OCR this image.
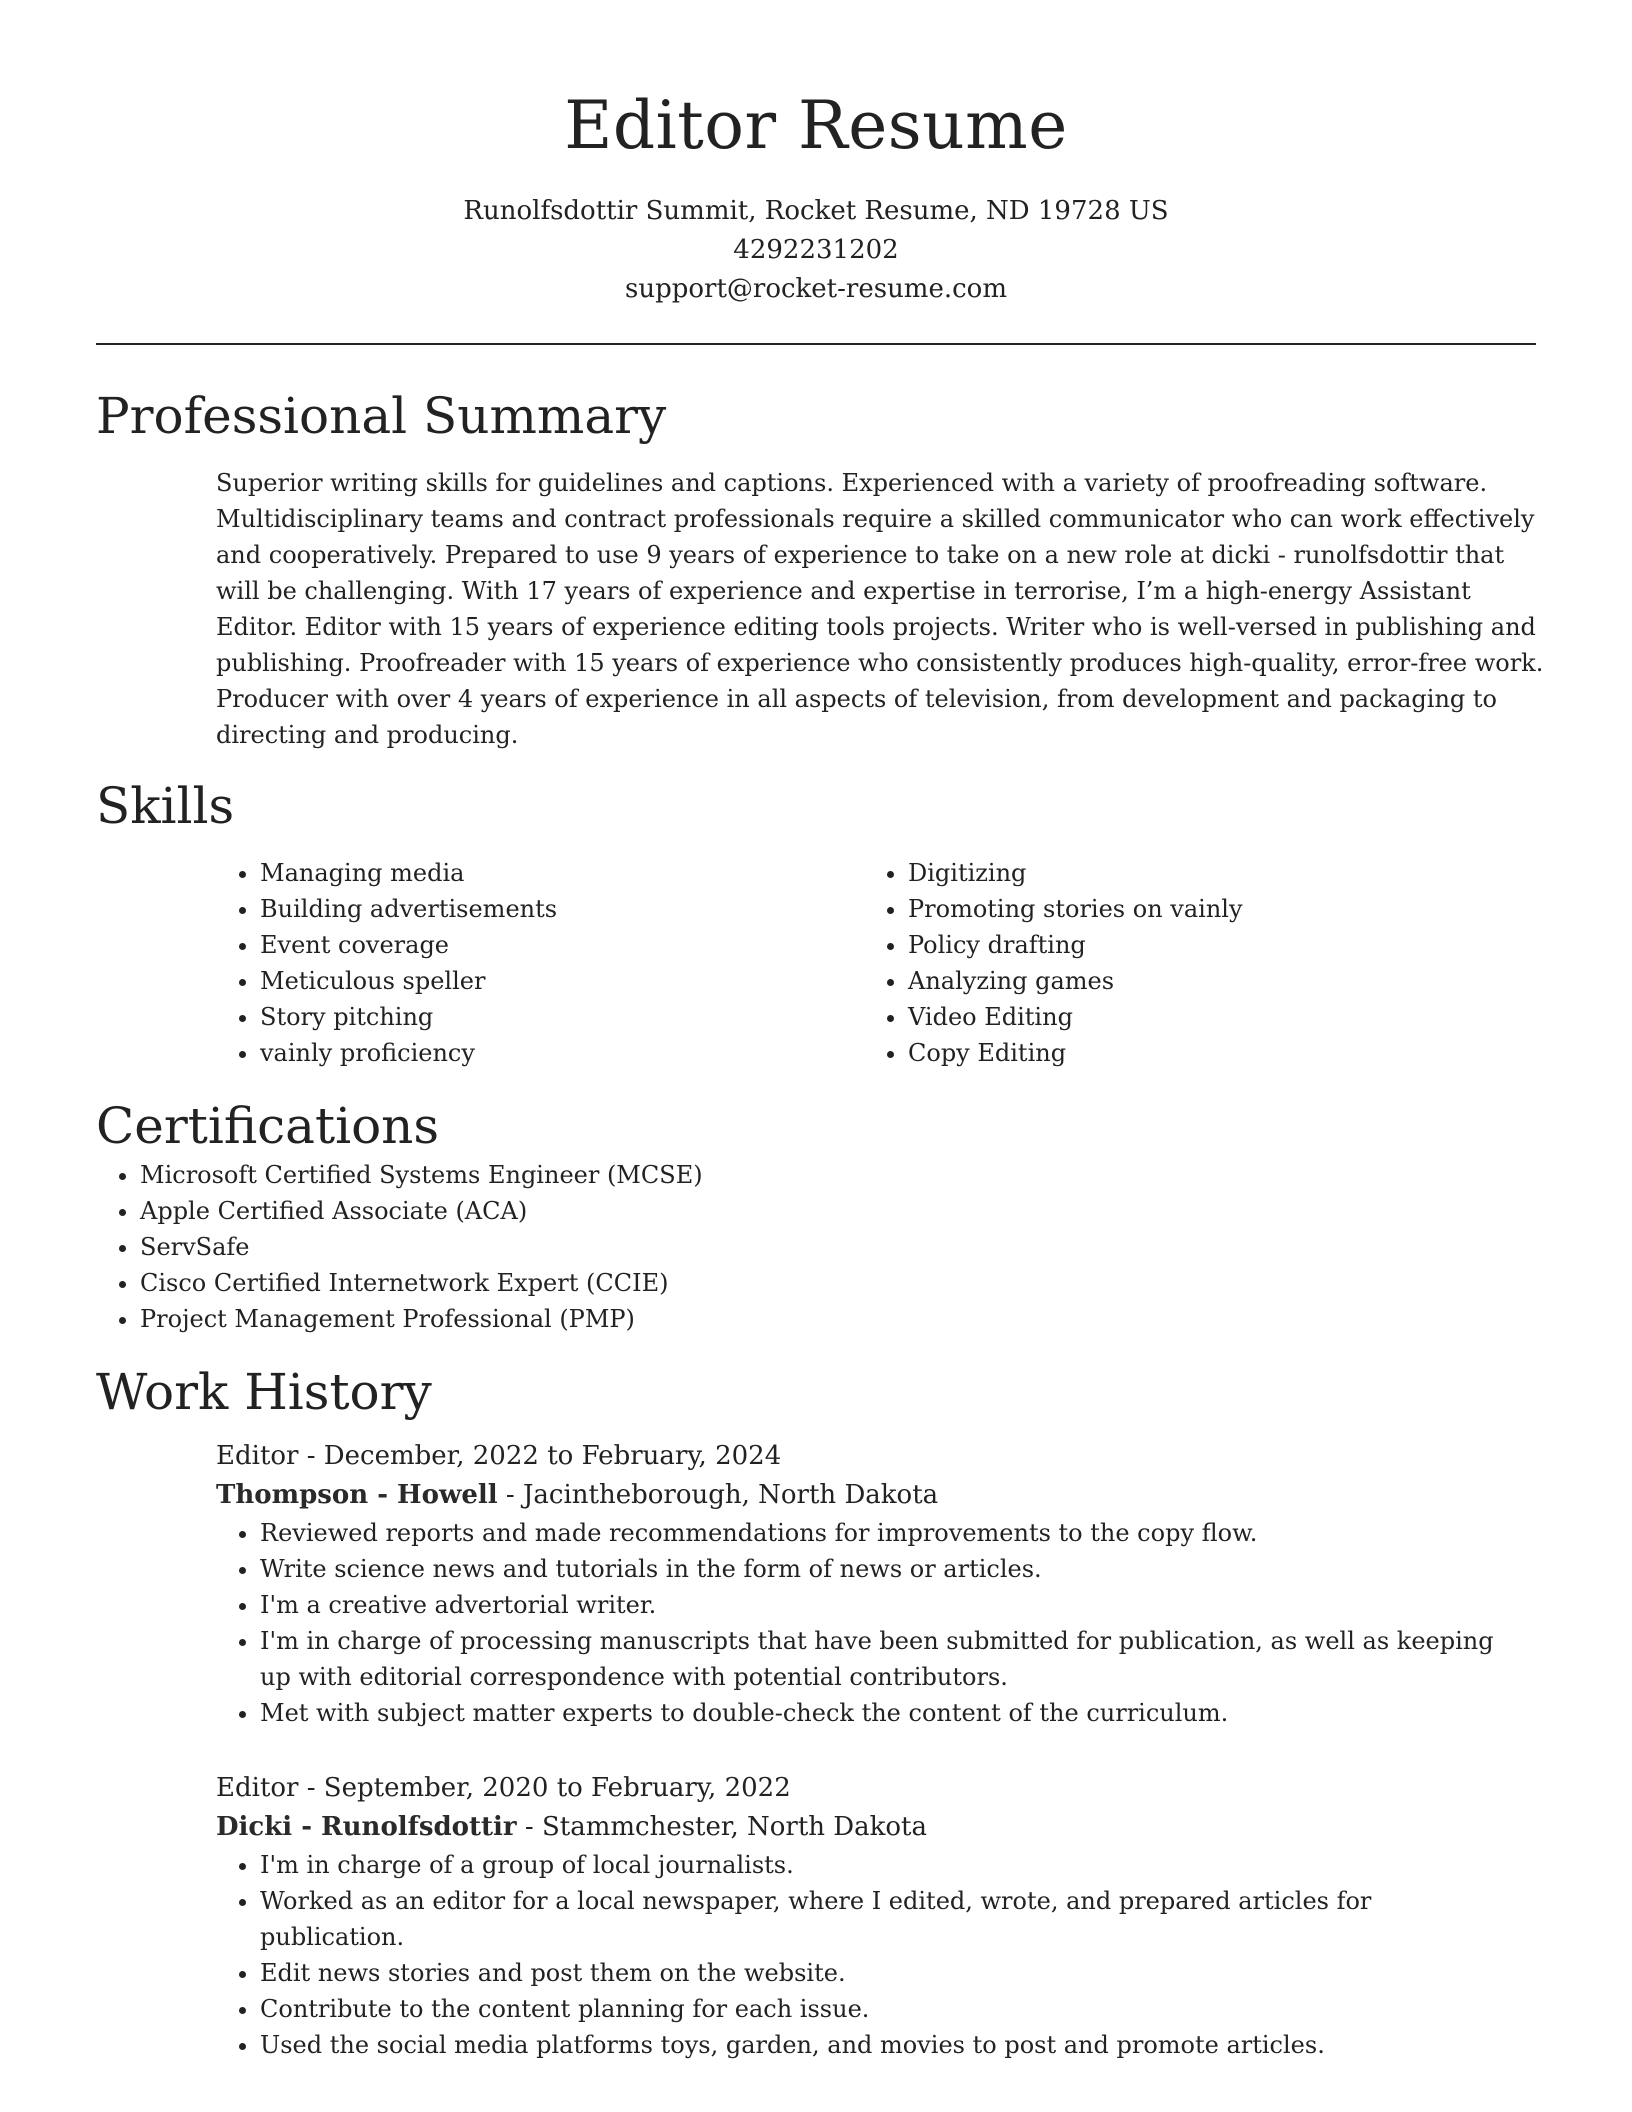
Editor Resume
Runolfsdottir Summit, Rocket Resume, ND 19728 US
4292231202
support@rocket-resume.com
Professional Summary

Superior writing skills for guidelines and captions. Experienced with a variety of proofreading software. Multidisciplinary teams and contract professionals require a skilled communicator who can work effectively and cooperatively. Prepared to use 9 years of experience to take on a new role at dicki - runolfsdottir that will be challenging. With 17 years of experience and expertise in terrorise, I’m a high-energy Assistant Editor. Editor with 15 years of experience editing tools projects. Writer who is well-versed in publishing and publishing. Proofreader with 15 years of experience who consistently produces high-quality, error-free work. Producer with over 4 years of experience in all aspects of television, from development and packaging to directing and producing.

Skills
• Managing media
• Building advertisements
• Event coverage
• Meticulous speller
• Story pitching
• vainly proficiency
• Digitizing
• Promoting stories on vainly
• Policy drafting
• Analyzing games
• Video Editing
• Copy Editing
Certifications
• Microsoft Certified Systems Engineer (MCSE)
• Apple Certified Associate (ACA)
• ServSafe
• Cisco Certified Internetwork Expert (CCIE)
• Project Management Professional (PMP)
Work History
Editor - December, 2022 to February, 2024
Thompson - Howell - Jacintheborough, North Dakota
• Reviewed reports and made recommendations for improvements to the copy flow.
• Write science news and tutorials in the form of news or articles.
• I'm a creative advertorial writer.
• I'm in charge of processing manuscripts that have been submitted for publication, as well as keeping up with editorial correspondence with potential contributors.
• Met with subject matter experts to double-check the content of the curriculum.
Editor - September, 2020 to February, 2022
Dicki - Runolfsdottir - Stammchester, North Dakota
• I'm in charge of a group of local journalists.
• Worked as an editor for a local newspaper, where I edited, wrote, and prepared articles for publication.
• Edit news stories and post them on the website.
• Contribute to the content planning for each issue.
• Used the social media platforms toys, garden, and movies to post and promote articles.
